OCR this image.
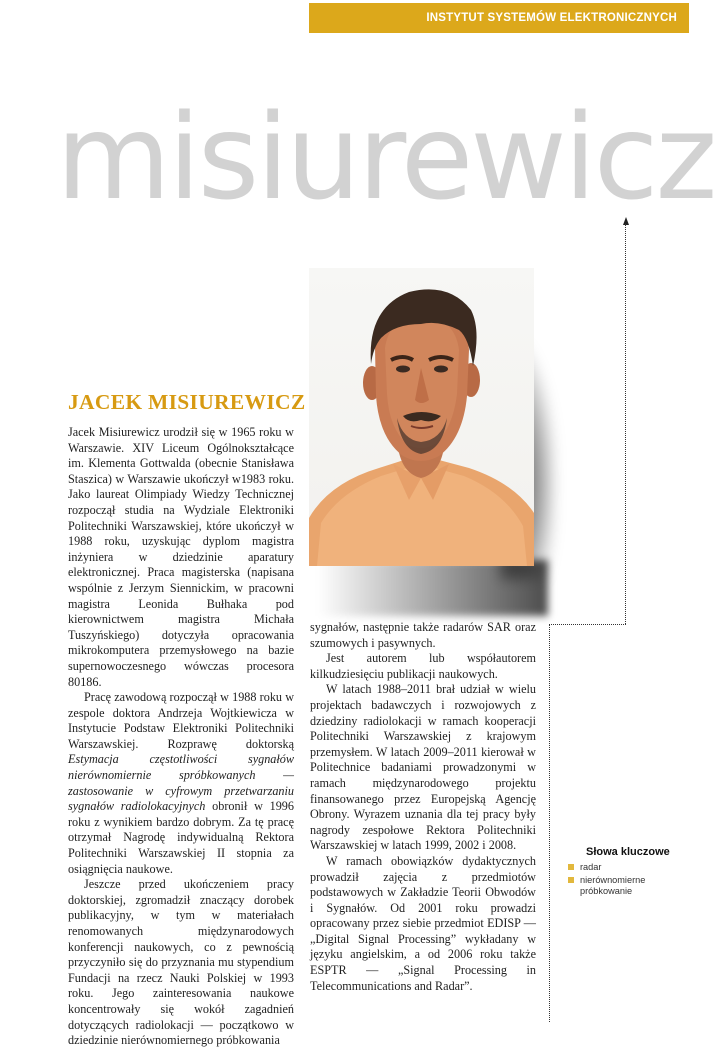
INSTYTUT SYSTEMÓW ELEKTRONICZNYCH
misiurewicz
JACEK MISIUREWICZ

Jacek Misiurewicz urodził się w 1965 roku w Warszawie. XIV Liceum Ogólnokształcące im. Klementa Gottwalda (obecnie Stanisława Staszica) w Warszawie ukończył w1983 roku. Jako laureat Olimpiady Wiedzy Technicznej rozpoczął studia na Wydziale Elektroniki Politechniki Warszawskiej, które ukończył w 1988 roku, uzyskując dyplom magistra inżyniera w dziedzinie aparatury elektronicznej. Praca magisterska (napisana wspólnie z Jerzym Siennickim, w pracowni magistra Leonida Bułhaka pod kierownictwem magistra Michała Tuszyńskiego) dotyczyła opracowania mikrokomputera przemysłowego na bazie supernowoczesnego wówczas procesora 80186.

Pracę zawodową rozpoczął w 1988 roku w zespole doktora Andrzeja Wojtkiewicza w Instytucie Podstaw Elektroniki Politechniki Warszawskiej. Rozprawę doktorską Estymacja częstotliwości sygnałów nierównomiernie spróbkowanych — zastosowanie w cyfrowym przetwarzaniu sygnałów radiolokacyjnych obronił w 1996 roku z wynikiem bardzo dobrym. Za tę pracę otrzymał Nagrodę indywidualną Rektora Politechniki Warszawskiej II stopnia za osiągnięcia naukowe.

Jeszcze przed ukończeniem pracy doktorskiej, zgromadził znaczący dorobek publikacyjny, w tym w materiałach renomowanych międzynarodowych konferencji naukowych, co z pewnością przyczyniło się do przyznania mu stypendium Fundacji na rzecz Nauki Polskiej w 1993 roku. Jego zainteresowania naukowe koncentrowały się wokół zagadnień dotyczących radiolokacji — początkowo w dziedzinie nierównomiernego próbkowania

sygnałów, następnie także radarów SAR oraz szumowych i pasywnych.

Jest autorem lub współautorem kilkudziesięciu publikacji naukowych.

W latach 1988–2011 brał udział w wielu projektach badawczych i rozwojowych z dziedziny radiolokacji w ramach kooperacji Politechniki Warszawskiej z krajowym przemysłem. W latach 2009–2011 kierował w Politechnice badaniami prowadzonymi w ramach międzynarodowego projektu finansowanego przez Europejską Agencję Obrony. Wyrazem uznania dla tej pracy były nagrody zespołowe Rektora Politechniki Warszawskiej w latach 1999, 2002 i 2008.

W ramach obowiązków dydaktycznych prowadził zajęcia z przedmiotów podstawowych w Zakładzie Teorii Obwodów i Sygnałów. Od 2001 roku prowadzi opracowany przez siebie przedmiot EDISP — „Digital Signal Processing” wykładany w języku angielskim, a od 2006 roku także ESPTR — „Signal Processing in Telecommunications and Radar”.

Słowa kluczowe
radar
nierównomierne próbkowanie
